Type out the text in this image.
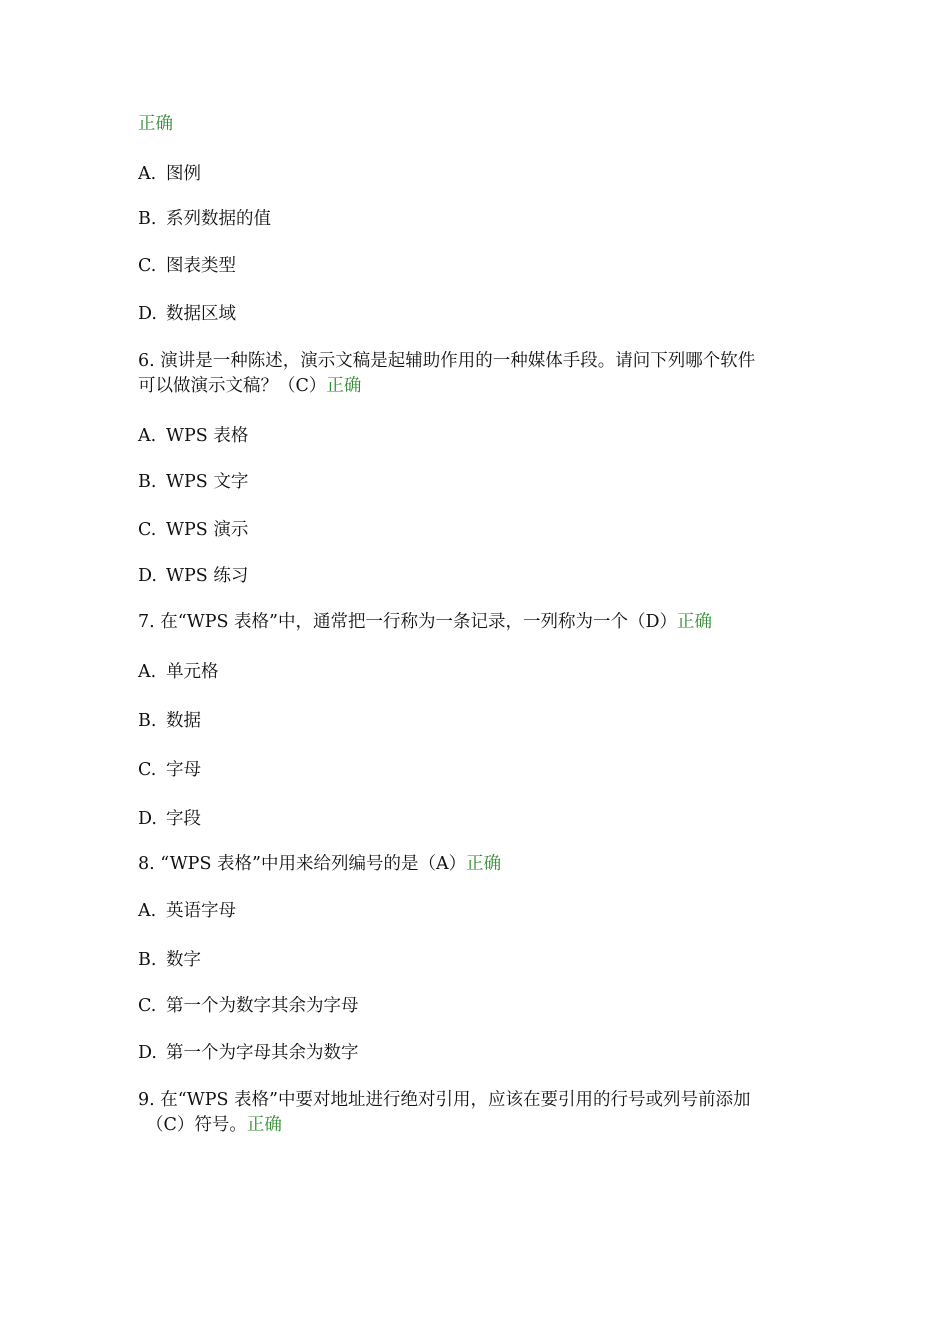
正确
A. 图例
B. 系列数据的值
C. 图表类型
D. 数据区域
6. 演讲是一种陈述，演示文稿是起辅助作用的一种媒体手段。请问下列哪个软件
可以做演示文稿？（C）正确
A. WPS 表格
B. WPS 文字
C. WPS 演示
D. WPS 练习
7. 在“WPS 表格”中，通常把一行称为一条记录，一列称为一个（D）正确
A. 单元格
B. 数据
C. 字母
D. 字段
8. “WPS 表格”中用来给列编号的是（A）正确
A. 英语字母
B. 数字
C. 第一个为数字其余为字母
D. 第一个为字母其余为数字
9. 在“WPS 表格”中要对地址进行绝对引用，应该在要引用的行号或列号前添加
（C）符号。正确
